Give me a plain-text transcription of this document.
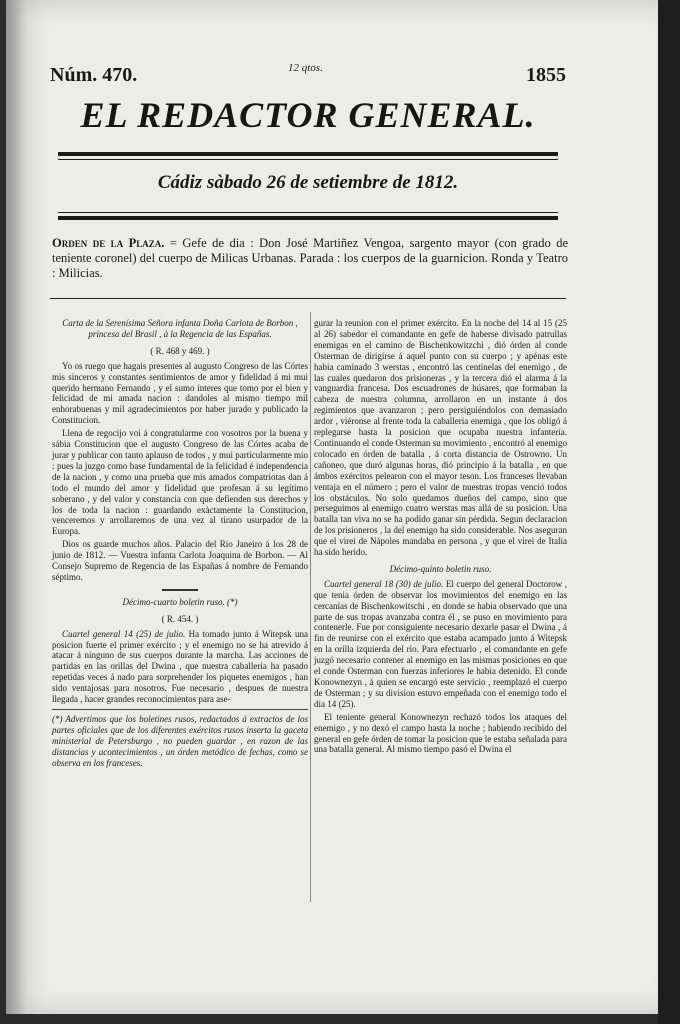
Núm. 470.	12 qtos.	1855
EL REDACTOR GENERAL.
Cádiz sàbado 26 de setiembre de 1812.
Orden de la Plaza. = Gefe de dia : Don José Martiñez Vengoa, sargento mayor (con grado de teniente coronel) del cuerpo de Milicas Urbanas. Parada : los cuerpos de la guarnicion. Ronda y Teatro : Milicias.

Carta de la Serenísima Señora infanta Doña Carlota de Borbon , princesa del Brasil , à la Regencia de las Españas.

( R. 468 y 469. )

Yo os ruego que hagais presentes al augusto Congreso de las Córtes mis sinceros y constantes sentimientos de amor y fidelidad á mi mui querido hermano Fernando , y el sumo interes que tomo por el bien y felicidad de mi amada nacion : dandoles al mismo tiempo mil enhorabuenas y mil agradecimientos por haber jurado y publicado la Constitucion.

Llena de regocijo voi á congratularme con vosotros por la buena y sábia Constitucion que el augusto Congreso de las Córtes acaba de jurar y publicar con tanto aplauso de todos , y mui particularmente mio : pues la juzgo como base fundamental de la felicidad é independencia de la nacion , y como una prueba que mis amados compatriotas dan á todo el mundo del amor y fidelidad que profesan á su legítimo soberano , y del valor y constancia con que defienden sus derechos y los de toda la nacion : guardando exàctamente la Constitucion, venceremos y arrollaremos de una vez al tirano usurpador de la Europa.

Dios os guarde muchos años. Palacio del Rio Janeiro á los 28 de junio de 1812. — Vuestra infanta Carlota Joaquina de Borbon. — Al Consejo Supremo de Regencia de las Españas á nombre de Fernando séptimo.

Décimo-cuarto boletin ruso. (*)

( R. 454. )

Cuartel general 14 (25) de julio. Ha tomado junto á Witepsk una posicion fuerte el primer exército ; y el enemigo no se ha atrevido á atacar á ninguno de sus cuerpos durante la marcha. Las acciones de partidas en las orillas del Dwina , que nuestra caballeria ha pasado repetidas veces á nado para sorprehender los piquetes enemigos , han sido ventajosas para nosotros. Fue necesario , despues de nuestra llegada , hacer grandes reconocimientos para ase-

(*) Advertimos que los boletines rusos, redactados á extractos de los partes oficiales que de los diferentes exércitos rusos inserta la gaceta ministerial de Petersburgo , no pueden guardar , en razon de las distancias y acontecimientos , un órden metódico de fechas, como se observa en los franceses.

gurar la reunion con el primer exército. En la noche del 14 al 15 (25 al 26) sabedor el comandante en gefe de haberse divisado patrullas enemigas en el camino de Bischenkowitzchi , dió órden al conde Osterman de dirigirse á aquel punto con su cuerpo ; y apénas este habia caminado 3 werstas , encontró las centinelas del enemigo , de las cuales quedaron dos prisioneras , y la tercera dió el alarma á la vanguardia francesa. Dos escuadrones de húsares, que formaban la cabeza de nuestra columna, arrollaron en un instante á dos regimientos que avanzaron ; pero persiguiéndolos con demasiado ardor , viéronse al frente toda la caballeria enemiga , que los obligó á replegarse hasta la posicion que ocupaba nuestra infantería. Continuando el conde Osterman su movimiento , encontró al enemigo colocado en órden de batalla , á corta distancia de Ostrowno. Un cañoneo, que duró algunas horas, dió principio á la batalla , en que ámbos exércitos pelearon con el mayor teson. Los franceses llevaban ventaja en el número ; pero el valor de nuestras tropas venció todos los obstáculos. No solo quedamos dueños del campo, sino que perseguimos al enemigo cuatro werstas mas allá de su posicion. Una batalla tan viva no se ha podido ganar sin pérdida. Segun declaracion de los prisioneros , la del enemigo ha sido considerable. Nos aseguran que el virei de Nápoles mandaba en persona , y que el virei de Italia ha sido herido.

Décimo-quinto boletin ruso.

Cuartel general 18 (30) de julio. El cuerpo del general Doctorow , que tenia órden de observar los movimientos del enemigo en las cercanías de Bischenkowitschi , en donde se habia observado que una parte de sus tropas avanzaba contra él , se puso en movimiento para contenerle. Fue por consiguiente necesario dexarle pasar el Dwina , á fin de reunirse con el exército que estaba acampado junto á Witepsk en la orilla izquierda del rio. Para efectuarlo , el comandante en gefe juzgó necesario contener al enemigo en las mismas posiciones en que el conde Osterman con fuerzas inferiores le habia detenido. El conde Konownezyn , á quien se encargó este servicio , reemplazó el cuerpo de Osterman ; y su division estuvo empeñada con el enemigo todo el dia 14 (25).

El teniente general Konownezyn rechazó todos los ataques del enemigo , y no dexó el campo hasta la noche ; habiendo recibido del general en gefe órden de tomar la posicion que le estaba señalada para una batalla general. Al mismo tiempo pasó el Dwina el
